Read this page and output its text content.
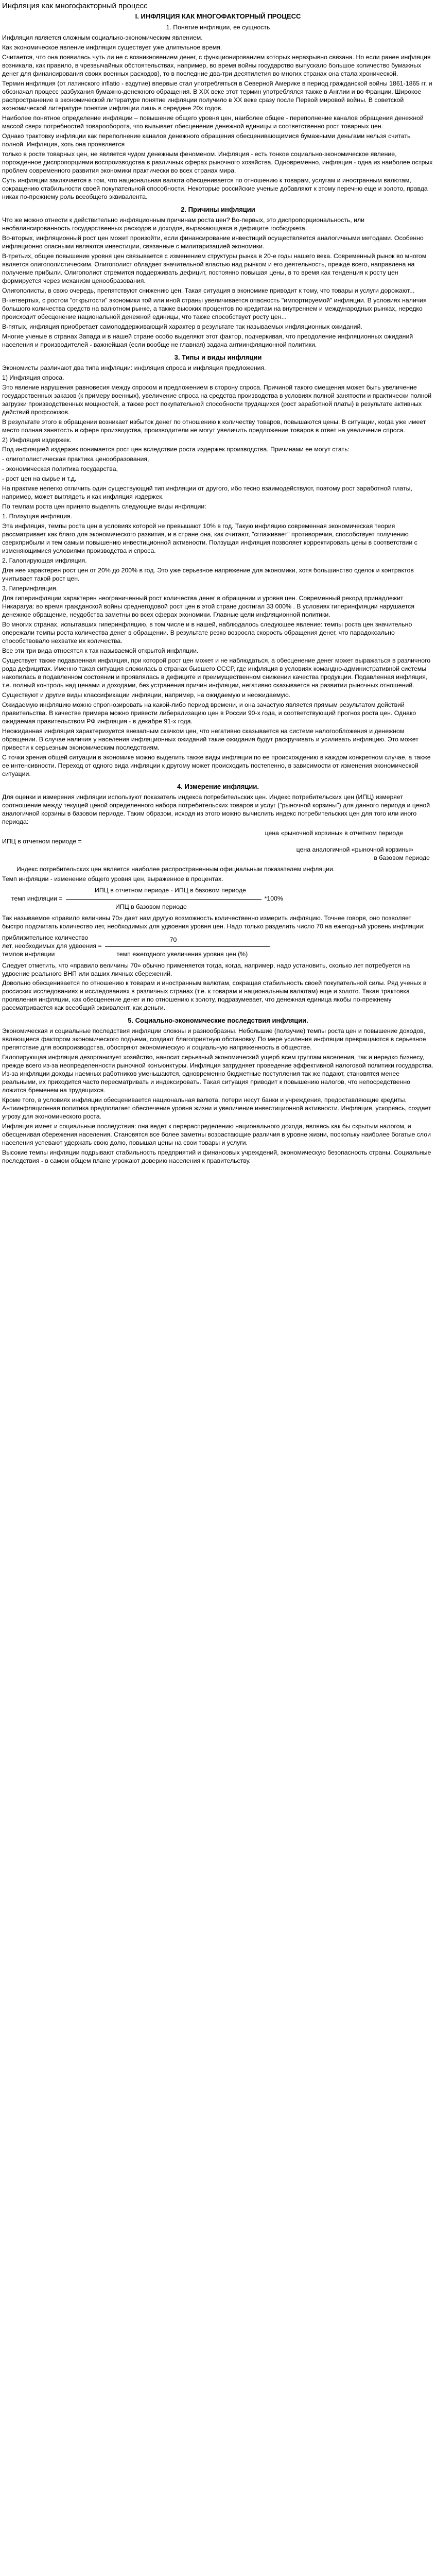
Инфляция как многофакторный процесс
I. ИНФЛЯЦИЯ КАК МНОГОФАКТОРНЫЙ ПРОЦЕСС
1. Понятие инфляции, ее сущность

Инфляция является сложным социально-экономическим явлением.

Как экономическое явление инфляция существует уже длительное время.

Считается, что она появилась чуть ли не с возникновением денег, с функционированием которых неразрывно связана. Но если ранее инфляция возникала, как правило, в чрезвычайных обстоятельствах, например, во время войны государство выпускало большое количество бумажных денег для финансирования своих военных расходов), то в последние два-три десятилетия во многих странах она стала хронической.

Термин инфляция (от латинского inflatio - вздутие) впервые стал употребляться в Северной Америке в период гражданской войны 1861-1865 гг. и обозначал процесс разбухания бумажно-денежного обращения. В XIX веке этот термин употреблялся также в Англии и во Франции. Широкое распространение в экономической литературе понятие инфляции получило в XX веке сразу после Первой мировой войны. В советской экономической литературе понятие инфляции лишь в середине 20х годов.

Наиболее понятное определение инфляции – повышение общего уровня цен, наиболее общее - переполнение каналов обращения денежной массой сверх потребностей товарооборота, что вызывает обесценение денежной единицы и соответственно рост товарных цен.

Однако трактовку инфляции как переполнение каналов денежного обращения обесценивающимися бумажными деньгами нельзя считать полной. Инфляция, хоть она проявляется

только в росте товарных цен, не является чудом денежным феноменом. Инфляция - есть тонкое социально-экономическое явление, порожденное диспропорциями воспроизводства в различных сферах рыночного хозяйства. Одновременно, инфляция - одна из наиболее острых проблем современного развития экономики практически во всех странах мира.

Суть инфляции заключается в том, что национальная валюта обесценивается по отношению к товарам, услугам и иностранным валютам, сокращению стабильности своей покупательной способности. Некоторые российские ученые добавляют к этому перечню еще и золото, правда никак по-прежнему роль всеобщего эквивалента.

2. Причины инфляции

Что же можно отнести к действительно инфляционным причинам роста цен? Во-первых, это диспропорциональность, или несбалансированность государственных расходов и доходов, выражающаяся в дефиците госбюджета.

Во-вторых, инфляционный рост цен может произойти, если финансирование инвестиций осуществляется аналогичными методами. Особенно инфляционно опасными являются инвестиции, связанные с милитаризацией экономики.

В-третьих, общее повышение уровня цен связывается с изменением структуры рынка в 20-е годы нашего века. Современный рынок во многом является олигополистическим. Олигополист обладает значительной властью над рынком и его деятельность, прежде всего, направлена на получение прибыли. Олигополист стремится поддерживать дефицит, постоянно повышая цены, в то время как тенденция к росту цен формируется через механизм ценообразования.

Олигополисты, в свою очередь, препятствуют снижению цен. Такая ситуация в экономике приводит к тому, что товары и услуги дорожают...

В-четвертых, с ростом "открытости" экономики той или иной страны увеличивается опасность "импортируемой" инфляции. В условиях наличия большого количества средств на валютном рынке, а также высоких процентов по кредитам на внутреннем и международных рынках, нередко происходит обесценение национальной денежной единицы, что также способствует росту цен...

В-пятых, инфляция приобретает самоподдерживающий характер в результате так называемых инфляционных ожиданий.

Многие ученые в странах Запада и в нашей стране особо выделяют этот фактор, подчеркивая, что преодоление инфляционных ожиданий населения и производителей - важнейшая (если вообще не главная) задача антиинфляционной политики.

3. Типы и виды инфляции

Экономисты различают два типа инфляции: инфляция спроса и инфляция предложения.

1) Инфляция спроса.

Это явление нарушения равновесия между спросом и предложением в сторону спроса. Причиной такого смещения может быть увеличение государственных заказов (к примеру военных), увеличение спроса на средства производства в условиях полной занятости и практически полной загрузки производственных мощностей, а также рост покупательной способности трудящихся (рост заработной платы) в результате активных действий профсоюзов.

В результате этого в обращении возникает избыток денег по отношению к количеству товаров, повышаются цены. В ситуации, когда уже имеет место полная занятость и сфере производства, производители не могут увеличить предложение товаров в ответ на увеличение спроса.

2) Инфляция издержек.

Под инфляцией издержек понимается рост цен вследствие роста издержек производства. Причинами ее могут стать:

- олигополистическая практика ценообразования,

- экономическая политика государства,

- рост цен на сырье и т.д.

На практике нелегко отличить один существующий тип инфляции от другого, ибо тесно взаимодействуют, поэтому рост заработной платы, например, может выглядеть и как инфляция издержек.

По темпам роста цен принято выделять следующие виды инфляции:

1. Ползущая инфляция.

Эта инфляция, темпы роста цен в условиях которой не превышают 10% в год. Такую инфляцию современная экономическая теория рассматривает как благо для экономического развития, и в стране она, как считают, "сглаживает" противоречия, способствует получению сверхприбыли и тем самым повышению инвестиционной активности. Ползущая инфляция позволяет корректировать цены в соответствии с изменяющимися условиями производства и спроса.

2. Галопирующая инфляция.

Для нее характерен рост цен от 20% до 200% в год. Это уже серьезное напряжение для экономики, хотя большинство сделок и контрактов учитывает такой рост цен.

3. Гиперинфляция.

Для гиперинфляции характерен неограниченный рост количества денег в обращении и уровня цен. Современный рекорд принадлежит Никарагуа: во время гражданской войны среднегодовой рост цен в этой стране достигал 33 000% . В условиях гиперинфляции нарушается денежное обращение, неудобства заметны во всех сферах экономики. Главные цели инфляционной политики.

Во многих странах, испытавших гиперинфляцию, в том числе и в нашей, наблюдалось следующее явление: темпы роста цен значительно опережали темпы роста количества денег в обращении. В результате резко возросла скорость обращения денег, что парадоксально способствовало нехватке их количества.

Все эти три вида относятся к так называемой открытой инфляции.

Существует также подавленная инфляция, при которой рост цен может и не наблюдаться, а обесценение денег может выражаться в различного рода дефицитах. Именно такая ситуация сложилась в странах бывшего СССР, где инфляция в условиях командно-административной системы накопилась в подавленном состоянии и проявлялась в дефиците и преимущественном снижении качества продукции. Подавленная инфляция, т.е. полный контроль над ценами и доходами, без устранения причин инфляции, негативно сказывается на развитии рыночных отношений.

Существуют и другие виды классификации инфляции, например, на ожидаемую и неожидаемую.

Ожидаемую инфляцию можно спрогнозировать на какой-либо период времени, и она зачастую является прямым результатом действий правительства. В качестве примера можно привести либерализацию цен в России 90-х года, и соответствующий прогноз роста цен. Однако ожидаемая правительством РФ инфляция - в декабре 91-х года.

Неожиданная инфляция характеризуется внезапным скачком цен, что негативно сказывается на системе налогообложения и денежном обращении. В случае наличия у населения инфляционных ожиданий такие ожидания будут раскручивать и усиливать инфляцию. Это может привести к серьезным экономическим последствиям.

С точки зрения общей ситуации в экономике можно выделить также виды инфляции по ее происхождению в каждом конкретном случае, а также ее интенсивности. Переход от одного вида инфляции к другому может происходить постепенно, в зависимости от изменения экономической ситуации.

4. Измерение инфляции.

Для оценки и измерения инфляции используют показатель индекса потребительских цен. Индекс потребительских цен (ИПЦ) измеряет соотношение между текущей ценой определенного набора потребительских товаров и услуг ("рыночной корзины") для данного периода и ценой аналогичной корзины в базовом периоде. Таким образом, исходя из этого можно вычислить индекс потребительских цен для того или иного периода:

цена «рыночной корзины» в отчетном периоде
ИПЦ в отчетном периоде =
цена аналогичной «рыночной корзины»
в базовом периоде

Индекс потребительских цен является наиболее распространенным официальным показателем инфляции.

Темп инфляции - изменение общего уровня цен, выраженное в процентах.

ИПЦ в отчетном периоде - ИПЦ в базовом периоде
темп инфляции =	*100%
ИПЦ в базовом периоде

Так называемое «правило величины 70» дает нам другую возможность количественно измерить инфляцию. Точнее говоря, оно позволяет быстро подсчитать количество лет, необходимых для удвоения уровня цен. Надо только разделить число 70 на ежегодный уровень инфляции:

приблизительное количество
лет, необходимых для удвоения =
70
темпов инфляции	темп ежегодного увеличения уровня цен (%)

Следует отметить, что «правило величины 70» обычно применяется тогда, когда, например, надо установить, сколько лет потребуется на удвоение реального ВНП или ваших личных сбережений.

Довольно обесценивается по отношению к товарам и иностранным валютам, сокращая стабильность своей покупательной силы. Ряд ученых в россиских исследованиях и исследованиях в различных странах (т.е. к товарам и национальным валютам) еще и золото. Такая трактовка проявления инфляции, как обесценение денег и по отношению к золоту, подразумевает, что денежная единица якобы по-прежнему рассматривается как всеобщий эквивалент, как деньги.

5. Социально-экономические последствия инфляции.

Экономическая и социальные последствия инфляции сложны и разнообразны. Небольшие (ползучие) темпы роста цен и повышение доходов, являющиеся фактором экономического подъема, создают благоприятную обстановку. По мере усиления инфляции превращаются в серьезное препятствие для воспроизводства, обостряют экономическую и социальную напряженность в обществе.

Галопирующая инфляция дезорганизует хозяйство, наносит серьезный экономический ущерб всем группам населения, так и нередко бизнесу, прежде всего из-за неопределенности рыночной конъюнктуры. Инфляция затрудняет проведение эффективной налоговой политики государства. Из-за инфляции доходы наемных работников уменьшаются, одновременно бюджетные поступления так же падают, становятся менее реальными, их приходится часто пересматривать и индексировать. Такая ситуация приводит к повышению налогов, что непосредственно ложится бременем на трудящихся.

Кроме того, в условиях инфляции обесценивается национальная валюта, потери несут банки и учреждения, предоставляющие кредиты. Антиинфляционная политика предполагает обеспечение уровня жизни и увеличение инвестиционной активности. Инфляция, ускоряясь, создает угрозу для экономического роста.

Инфляция имеет и социальные последствия: она ведет к перераспределению национального дохода, являясь как бы скрытым налогом, и обесценивая сбережения населения. Становятся все более заметны возрастающие различия в уровне жизни, поскольку наиболее богатые слои населения успевают удержать свою долю, повышая цены на свои товары и услуги.

Высокие темпы инфляции подрывают стабильность предприятий и финансовых учреждений, экономическую безопасность страны. Социальные последствия - в самом общем плане угрожают доверию населения к правительству.
